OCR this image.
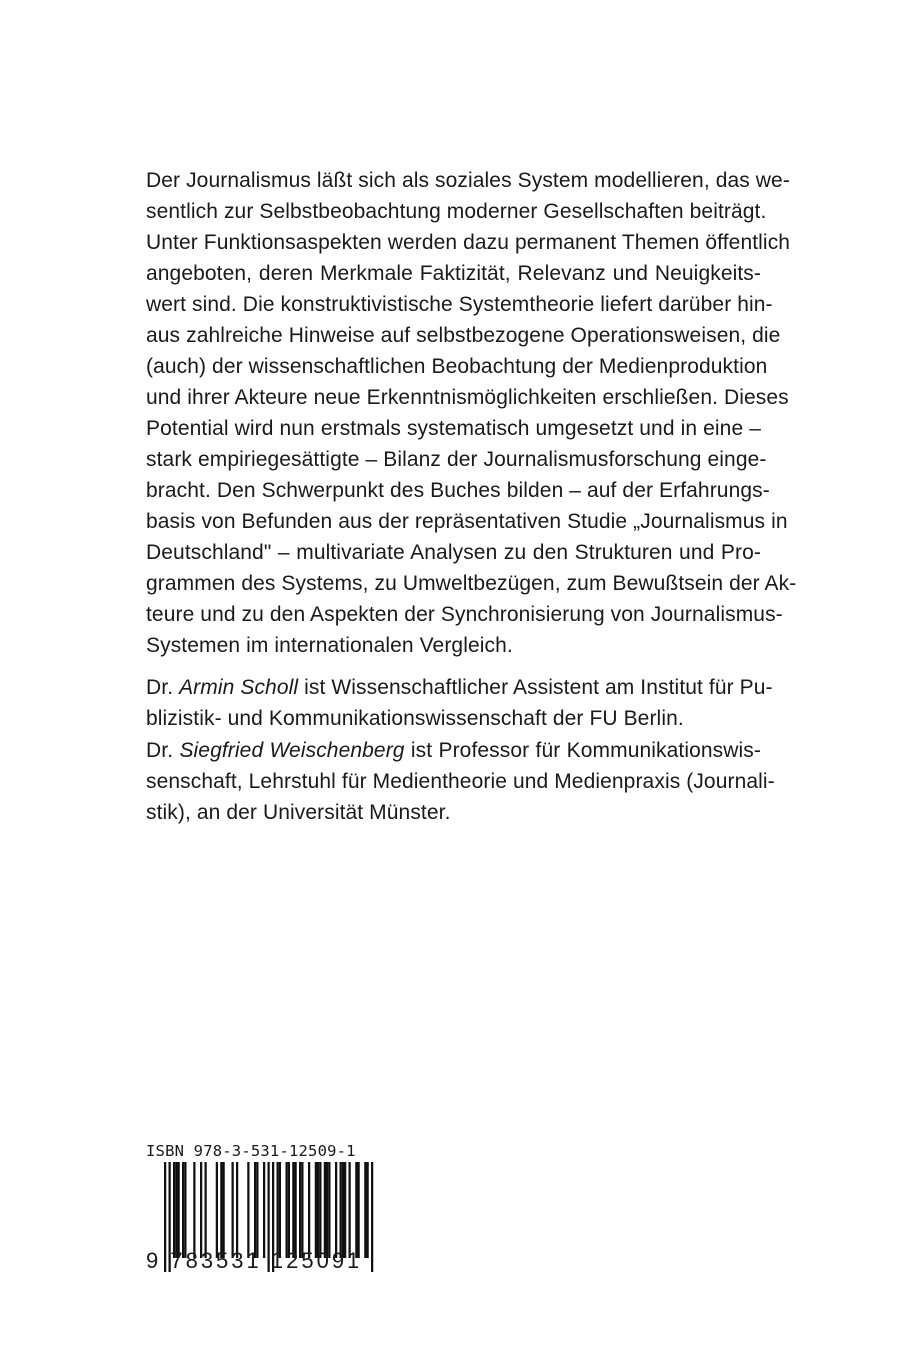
Der Journalismus läßt sich als soziales System modellieren, das we-
sentlich zur Selbstbeobachtung moderner Gesellschaften beiträgt.
Unter Funktionsaspekten werden dazu permanent Themen öffentlich
angeboten, deren Merkmale Faktizität, Relevanz und Neuigkeits-
wert sind. Die konstruktivistische Systemtheorie liefert darüber hin-
aus zahlreiche Hinweise auf selbstbezogene Operationsweisen, die
(auch) der wissenschaftlichen Beobachtung der Medienproduktion
und ihrer Akteure neue Erkenntnismöglichkeiten erschließen. Dieses
Potential wird nun erstmals systematisch umgesetzt und in eine –
stark empiriegesättigte – Bilanz der Journalismusforschung einge-
bracht. Den Schwerpunkt des Buches bilden – auf der Erfahrungs-
basis von Befunden aus der repräsentativen Studie „Journalismus in
Deutschland" – multivariate Analysen zu den Strukturen und Pro-
grammen des Systems, zu Umweltbezügen, zum Bewußtsein der Ak-
teure und zu den Aspekten der Synchronisierung von Journalismus-
Systemen im internationalen Vergleich.
Dr. Armin Scholl ist Wissenschaftlicher Assistent am Institut für Pu-
blizistik- und Kommunikationswissenschaft der FU Berlin.
Dr. Siegfried Weischenberg ist Professor für Kommunikationswis-
senschaft, Lehrstuhl für Medientheorie und Medienpraxis (Journali-
stik), an der Universität Münster.
ISBN 978-3-531-12509-1
9 783531 125091
